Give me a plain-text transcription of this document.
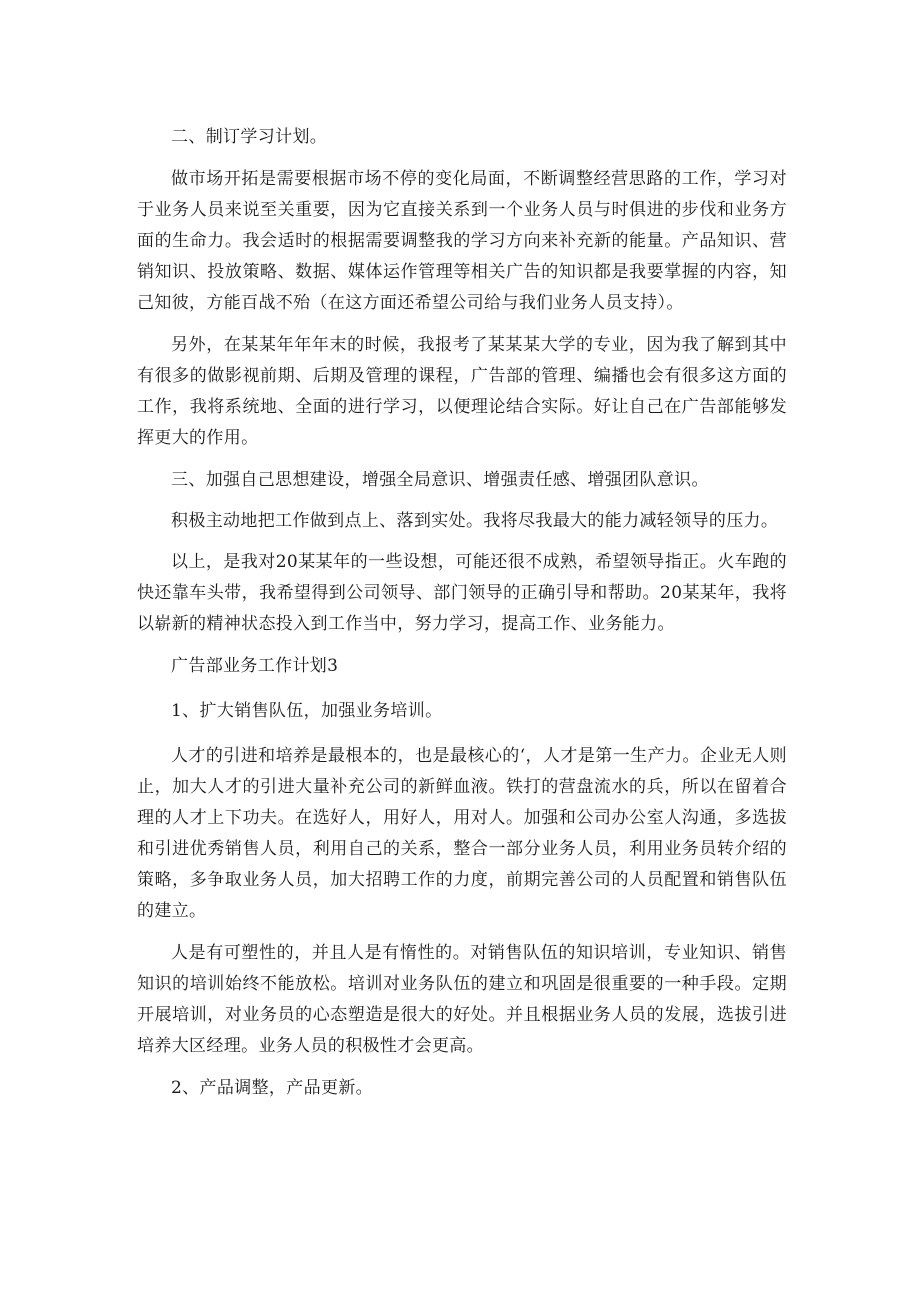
二、制订学习计划。

做市场开拓是需要根据市场不停的变化局面，不断调整经营思路的工作，学习对于业务人员来说至关重要，因为它直接关系到一个业务人员与时俱进的步伐和业务方面的生命力。我会适时的根据需要调整我的学习方向来补充新的能量。产品知识、营销知识、投放策略、数据、媒体运作管理等相关广告的知识都是我要掌握的内容，知己知彼，方能百战不殆（在这方面还希望公司给与我们业务人员支持）。

另外，在某某年年年末的时候，我报考了某某某大学的专业，因为我了解到其中有很多的做影视前期、后期及管理的课程，广告部的管理、编播也会有很多这方面的工作，我将系统地、全面的进行学习，以便理论结合实际。好让自己在广告部能够发挥更大的作用。

三、加强自己思想建设，增强全局意识、增强责任感、增强团队意识。

积极主动地把工作做到点上、落到实处。我将尽我最大的能力减轻领导的压力。

以上，是我对20某某年的一些设想，可能还很不成熟，希望领导指正。火车跑的快还靠车头带，我希望得到公司领导、部门领导的正确引导和帮助。20某某年，我将以崭新的精神状态投入到工作当中，努力学习，提高工作、业务能力。

广告部业务工作计划3

1、扩大销售队伍，加强业务培训。

人才的引进和培养是最根本的，也是最核心的‘，人才是第一生产力。企业无人则止，加大人才的引进大量补充公司的新鲜血液。铁打的营盘流水的兵，所以在留着合理的人才上下功夫。在选好人，用好人，用对人。加强和公司办公室人沟通，多选拔和引进优秀销售人员，利用自己的关系，整合一部分业务人员，利用业务员转介绍的策略，多争取业务人员，加大招聘工作的力度，前期完善公司的人员配置和销售队伍的建立。

人是有可塑性的，并且人是有惰性的。对销售队伍的知识培训，专业知识、销售知识的培训始终不能放松。培训对业务队伍的建立和巩固是很重要的一种手段。定期开展培训，对业务员的心态塑造是很大的好处。并且根据业务人员的发展，选拔引进培养大区经理。业务人员的积极性才会更高。

2、产品调整，产品更新。
